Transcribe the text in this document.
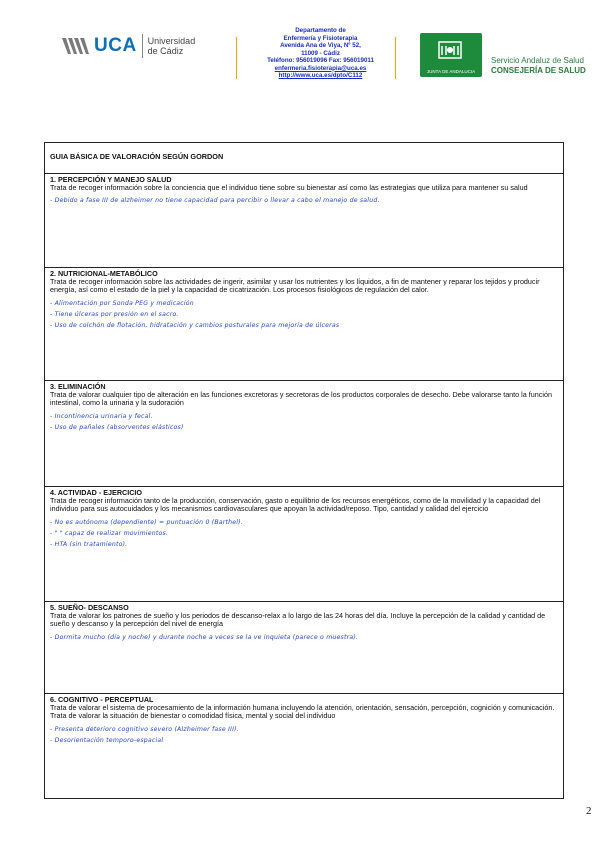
UCA Universidad
de Cádiz
Departamento de
Enfermería y Fisioterapia
Avenida Ana de Viya, Nº 52,
11009 - Cádiz
Teléfono: 956019096 Fax: 956019011
enfermeria.fisioterapia@uca.es
http://www.uca.es/dpto/C112
JUNTA DE ANDALUCIA
Servicio Andaluz de Salud
CONSEJERÍA DE SALUD
GUIA BÁSICA DE VALORACIÓN SEGÚN GORDON
1. PERCEPCIÓN Y MANEJO SALUD
Trata de recoger información sobre la conciencia que el individuo tiene sobre su bienestar así como las estrategias que utiliza para mantener su salud
- Debido a fase III de alzheimer no tiene capacidad para percibir o llevar a cabo el manejo de salud.
2. NUTRICIONAL-METABÓLICO
Trata de recoger información sobre las actividades de ingerir, asimilar y usar los nutrientes y los líquidos, a fin de mantener y reparar los tejidos y producir energía, así como el estado de la piel y la capacidad de cicatrización. Los procesos fisiológicos de regulación del calor.
- Alimentación por Sonda PEG y medicación
- Tiene úlceras por presión en el sacro.
- Uso de colchón de flotación, hidratación y cambios posturales para mejoría de úlceras
3. ELIMINACIÓN
Trata de valorar cualquier tipo de alteración en las funciones excretoras y secretoras de los productos corporales de desecho. Debe valorarse tanto la función intestinal, como la urinaria y la sudoración
- Incontinencia urinaria y fecal.
- Uso de pañales (absorventes elásticos)
4. ACTIVIDAD - EJERCICIO
Trata de recoger información tanto de la producción, conservación, gasto o equilibrio de los recursos energéticos, como de la movilidad y la capacidad del individuo para sus autocuidados y los mecanismos cardiovasculares que apoyan la actividad/reposo. Tipo, cantidad y calidad del ejercicio
- No es autónoma (dependiente) = puntuación 0 (Barthel).
- " " capaz de realizar movimientos.
- HTA (sin tratamiento).
5. SUEÑO- DESCANSO
Trata de valorar los patrones de sueño y los periodos de descanso-relax a lo largo de las 24 horas del día. Incluye la percepción de la calidad y cantidad de sueño y descanso y la percepción del nivel de energía
- Dormita mucho (día y noche) y durante noche a veces se la ve inquieta (parece o muestra).
6. COGNITIVO - PERCEPTUAL
Trata de valorar el sistema de procesamiento de la información humana incluyendo la atención, orientación, sensación, percepción, cognición y comunicación. Trata de valorar la situación de bienestar o comodidad física, mental y social del individuo
- Presenta deterioro cognitivo severo (Alzheimer fase III).
- Desorientación temporo-espacial
2
